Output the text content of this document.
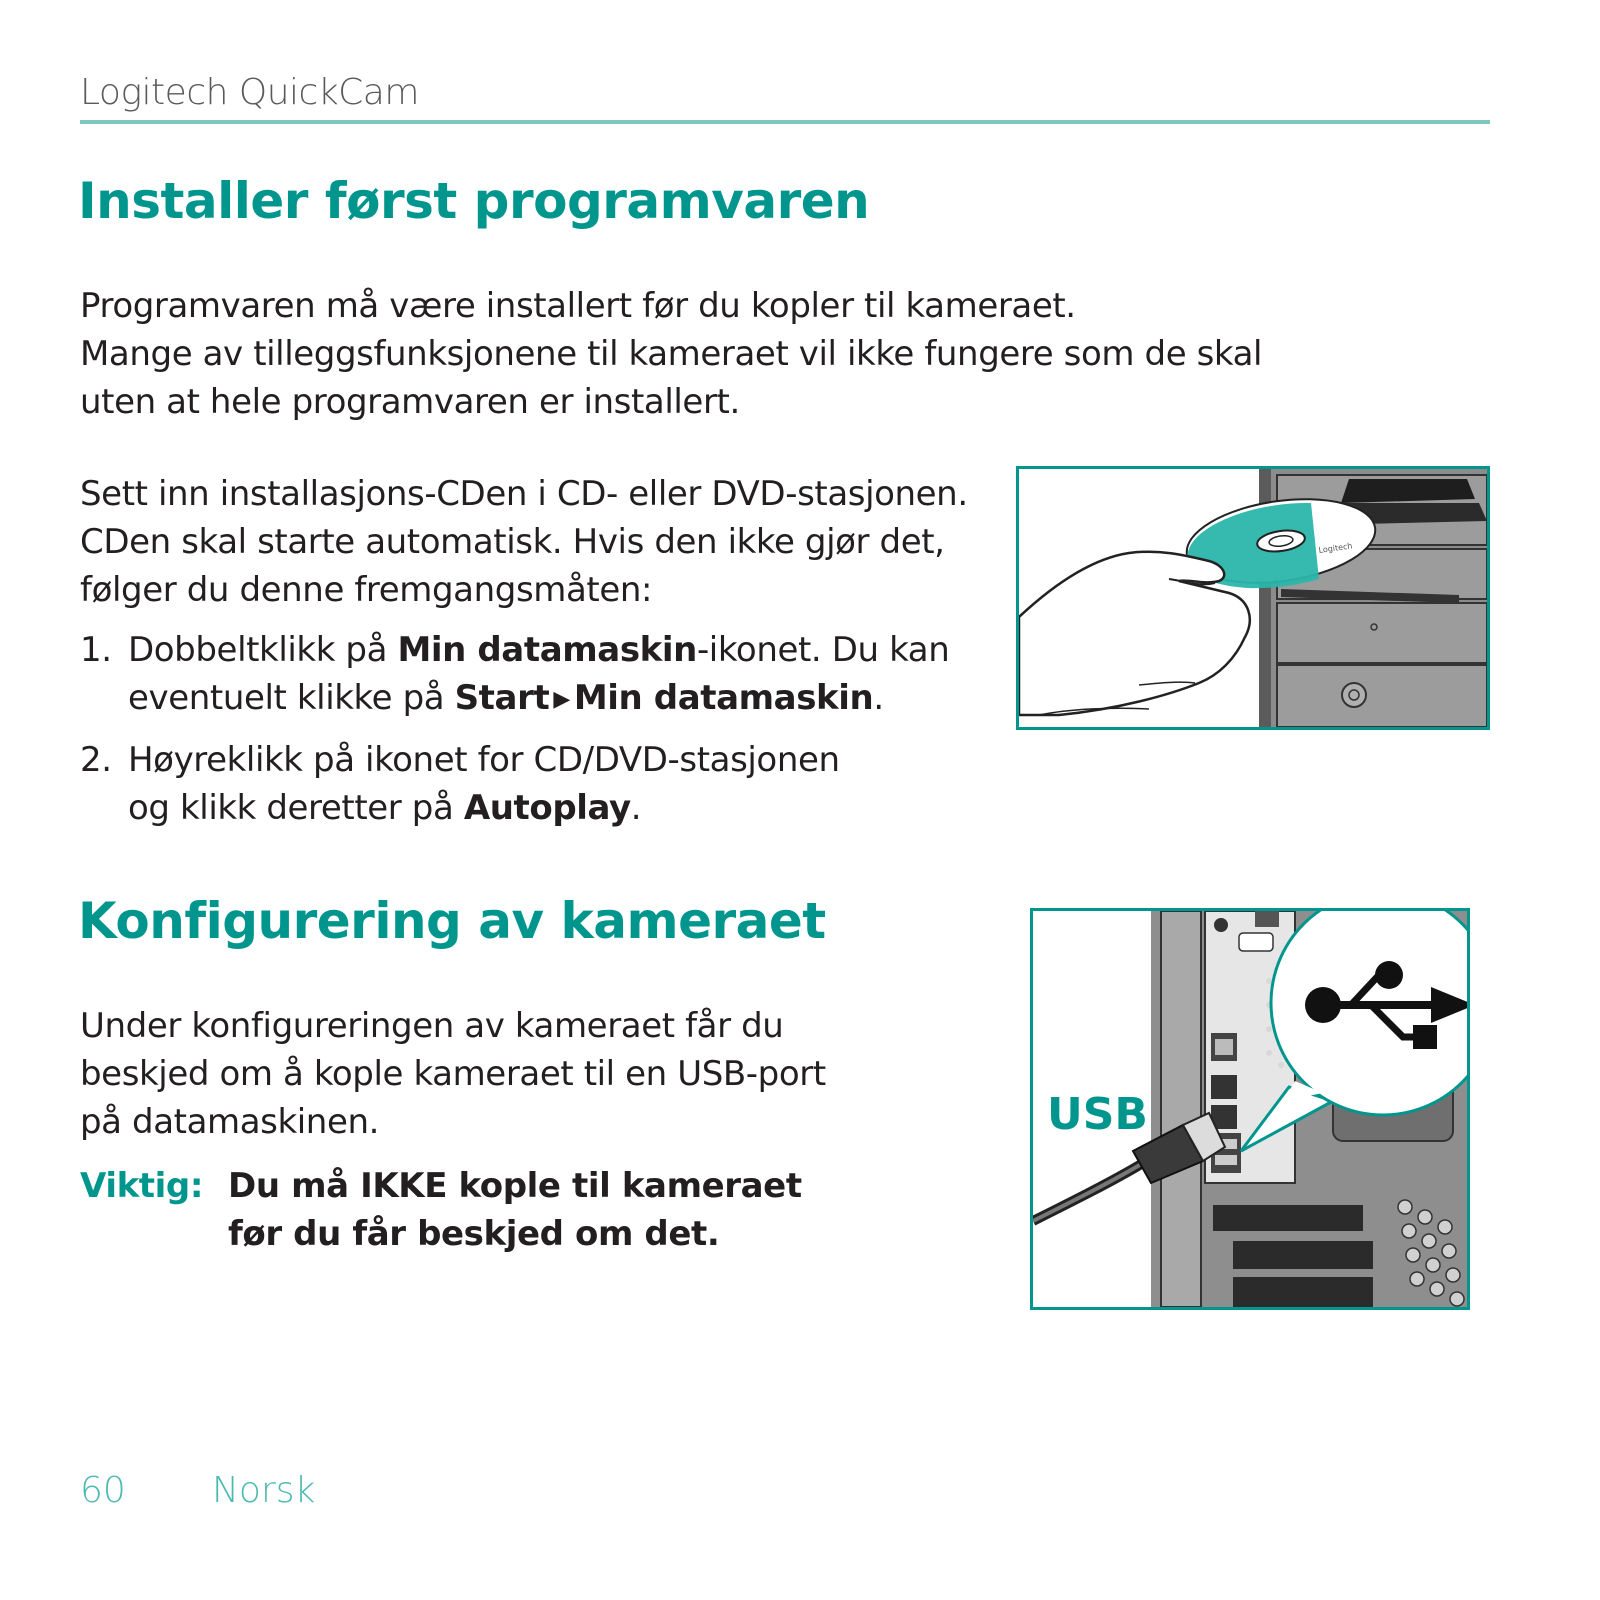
Logitech QuickCam
Installer først programvaren
Programvaren må være installert før du kopler til kameraet.
Mange av tilleggsfunksjonene til kameraet vil ikke fungere som de skal
uten at hele programvaren er installert.
Sett inn installasjons-CDen i CD- eller DVD-stasjonen.
CDen skal starte automatisk. Hvis den ikke gjør det,
følger du denne fremgangsmåten:
1. Dobbeltklikk på Min datamaskin-ikonet. Du kan
eventuelt klikke på Start ▶ Min datamaskin.
2. Høyreklikk på ikonet for CD/DVD-stasjonen
og klikk deretter på Autoplay.
Logitech
Konfigurering av kameraet
Under konfigureringen av kameraet får du
beskjed om å kople kameraet til en USB-port
på datamaskinen.
Viktig: Du må IKKE kople til kameraet
før du får beskjed om det.
USB
60 Norsk
